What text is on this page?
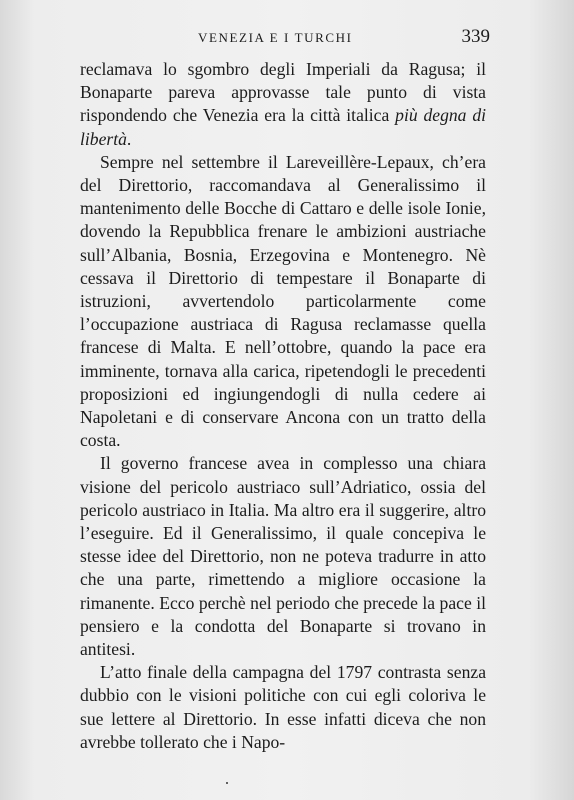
VENEZIA E I TURCHI	339

reclamava lo sgombro degli Imperiali da Ragusa; il Bonaparte pareva approvasse tale punto di vista rispondendo che Venezia era la città italica più degna di libertà.

Sempre nel settembre il Lareveillère-Lepaux, ch’era del Direttorio, raccomandava al Generalissimo il mantenimento delle Bocche di Cattaro e delle isole Ionie, dovendo la Repubblica frenare le ambizioni austriache sull’Albania, Bosnia, Erzegovina e Montenegro. Nè cessava il Direttorio di tempestare il Bonaparte di istruzioni, avvertendolo particolarmente come l’occupazione austriaca di Ragusa reclamasse quella francese di Malta. E nell’ottobre, quando la pace era imminente, tornava alla carica, ripetendogli le precedenti proposizioni ed ingiungendogli di nulla cedere ai Napoletani e di conservare Ancona con un tratto della costa.

Il governo francese avea in complesso una chiara visione del pericolo austriaco sull’Adriatico, ossia del pericolo austriaco in Italia. Ma altro era il suggerire, altro l’eseguire. Ed il Generalissimo, il quale concepiva le stesse idee del Direttorio, non ne poteva tradurre in atto che una parte, rimettendo a migliore occasione la rimanente. Ecco perchè nel periodo che precede la pace il pensiero e la condotta del Bonaparte si trovano in antitesi.

L’atto finale della campagna del 1797 contrasta senza dubbio con le visioni politiche con cui egli coloriva le sue lettere al Direttorio. In esse infatti diceva che non avrebbe tollerato che i Napo-
